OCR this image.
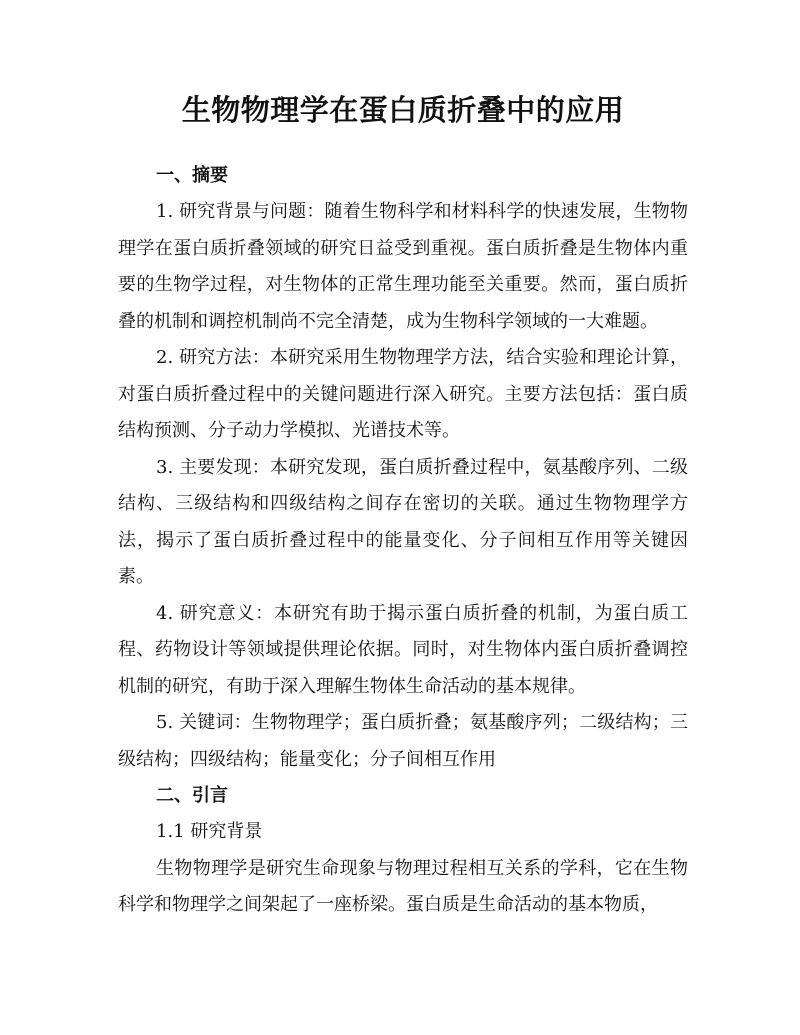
生物物理学在蛋白质折叠中的应用
一、摘要

1. 研究背景与问题：随着生物科学和材料科学的快速发展，生物物理学在蛋白质折叠领域的研究日益受到重视。蛋白质折叠是生物体内重要的生物学过程，对生物体的正常生理功能至关重要。然而，蛋白质折叠的机制和调控机制尚不完全清楚，成为生物科学领域的一大难题。

2. 研究方法：本研究采用生物物理学方法，结合实验和理论计算，对蛋白质折叠过程中的关键问题进行深入研究。主要方法包括：蛋白质结构预测、分子动力学模拟、光谱技术等。

3. 主要发现：本研究发现，蛋白质折叠过程中，氨基酸序列、二级结构、三级结构和四级结构之间存在密切的关联。通过生物物理学方法，揭示了蛋白质折叠过程中的能量变化、分子间相互作用等关键因素。

4. 研究意义：本研究有助于揭示蛋白质折叠的机制，为蛋白质工程、药物设计等领域提供理论依据。同时，对生物体内蛋白质折叠调控机制的研究，有助于深入理解生物体生命活动的基本规律。

5. 关键词：生物物理学；蛋白质折叠；氨基酸序列；二级结构；三级结构；四级结构；能量变化；分子间相互作用

二、引言

1.1 研究背景

生物物理学是研究生命现象与物理过程相互关系的学科，它在生物科学和物理学之间架起了一座桥梁。蛋白质是生命活动的基本物质，
